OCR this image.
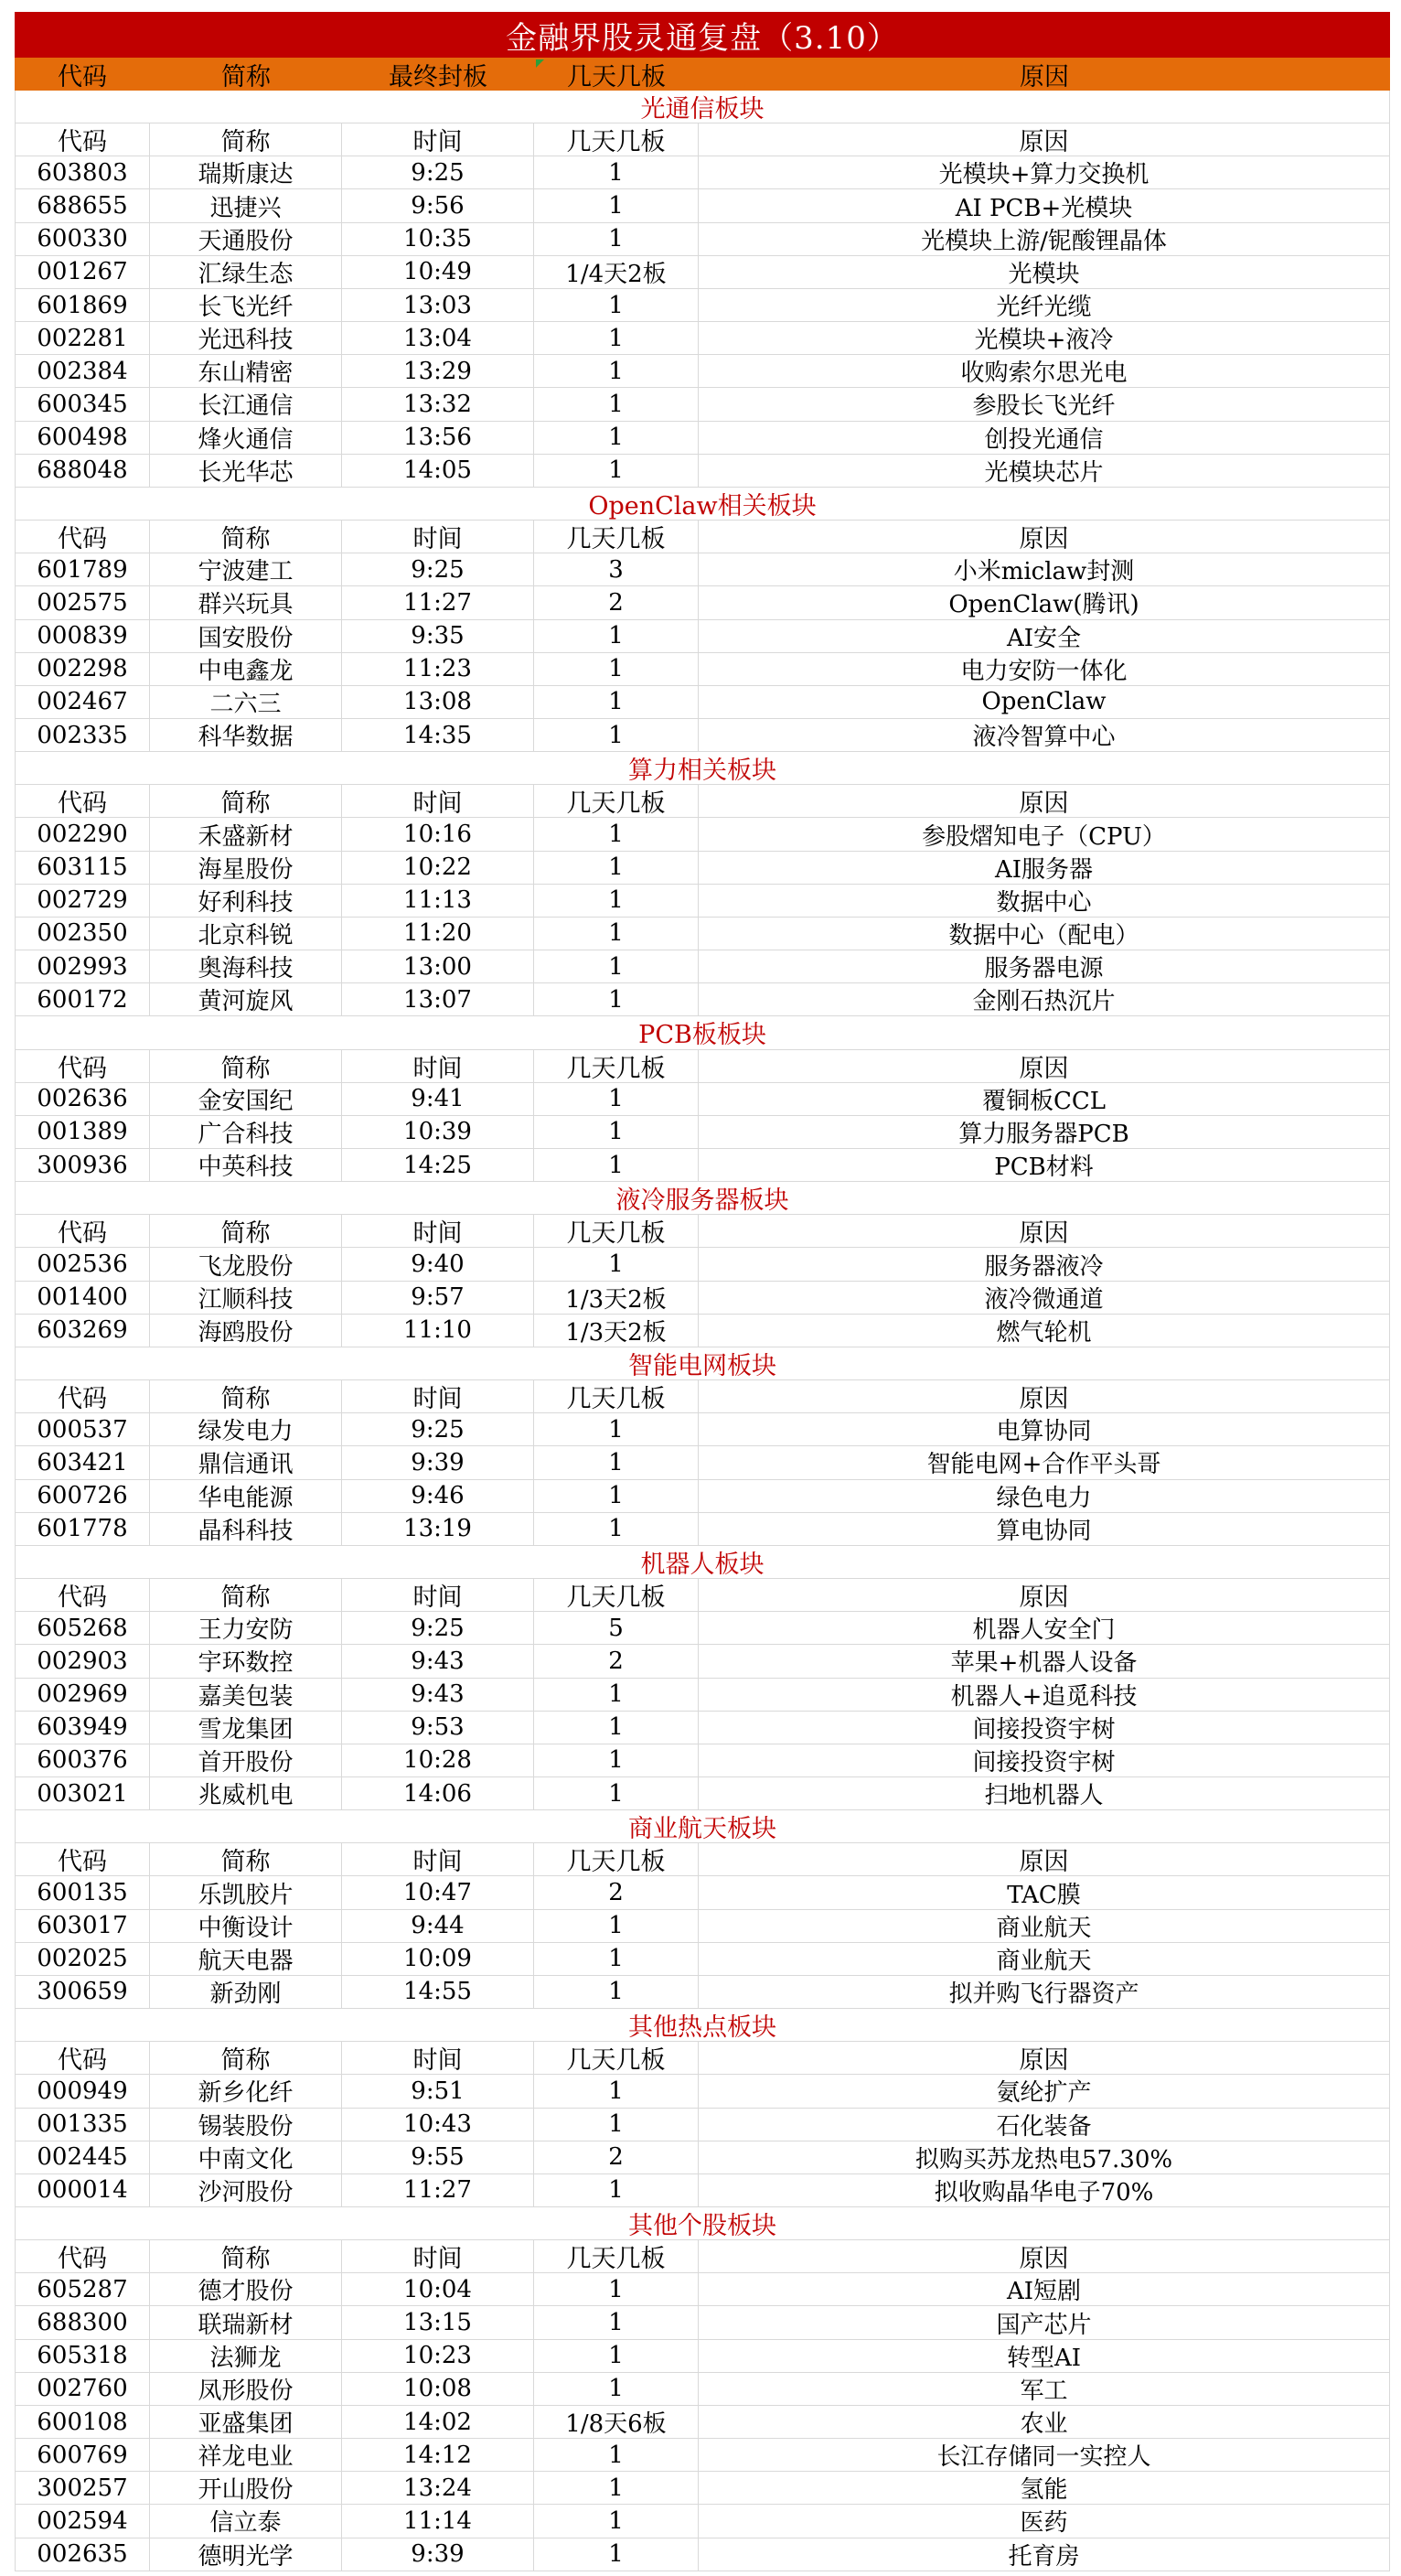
金融界股灵通复盘（3.10）
代码	简称	最终封板	几天几板	原因
光通信板块
代码	简称	时间	几天几板	原因
603803	瑞斯康达	9:25	1	光模块+算力交换机
688655	迅捷兴	9:56	1	AI PCB+光模块
600330	天通股份	10:35	1	光模块上游/铌酸锂晶体
001267	汇绿生态	10:49	1/4天2板	光模块
601869	长飞光纤	13:03	1	光纤光缆
002281	光迅科技	13:04	1	光模块+液冷
002384	东山精密	13:29	1	收购索尔思光电
600345	长江通信	13:32	1	参股长飞光纤
600498	烽火通信	13:56	1	创投光通信
688048	长光华芯	14:05	1	光模块芯片
OpenClaw相关板块
代码	简称	时间	几天几板	原因
601789	宁波建工	9:25	3	小米miclaw封测
002575	群兴玩具	11:27	2	OpenClaw(腾讯)
000839	国安股份	9:35	1	AI安全
002298	中电鑫龙	11:23	1	电力安防一体化
002467	二六三	13:08	1	OpenClaw
002335	科华数据	14:35	1	液冷智算中心
算力相关板块
代码	简称	时间	几天几板	原因
002290	禾盛新材	10:16	1	参股熠知电子（CPU）
603115	海星股份	10:22	1	AI服务器
002729	好利科技	11:13	1	数据中心
002350	北京科锐	11:20	1	数据中心（配电）
002993	奥海科技	13:00	1	服务器电源
600172	黄河旋风	13:07	1	金刚石热沉片
PCB板板块
代码	简称	时间	几天几板	原因
002636	金安国纪	9:41	1	覆铜板CCL
001389	广合科技	10:39	1	算力服务器PCB
300936	中英科技	14:25	1	PCB材料
液冷服务器板块
代码	简称	时间	几天几板	原因
002536	飞龙股份	9:40	1	服务器液冷
001400	江顺科技	9:57	1/3天2板	液冷微通道
603269	海鸥股份	11:10	1/3天2板	燃气轮机
智能电网板块
代码	简称	时间	几天几板	原因
000537	绿发电力	9:25	1	电算协同
603421	鼎信通讯	9:39	1	智能电网+合作平头哥
600726	华电能源	9:46	1	绿色电力
601778	晶科科技	13:19	1	算电协同
机器人板块
代码	简称	时间	几天几板	原因
605268	王力安防	9:25	5	机器人安全门
002903	宇环数控	9:43	2	苹果+机器人设备
002969	嘉美包装	9:43	1	机器人+追觅科技
603949	雪龙集团	9:53	1	间接投资宇树
600376	首开股份	10:28	1	间接投资宇树
003021	兆威机电	14:06	1	扫地机器人
商业航天板块
代码	简称	时间	几天几板	原因
600135	乐凯胶片	10:47	2	TAC膜
603017	中衡设计	9:44	1	商业航天
002025	航天电器	10:09	1	商业航天
300659	新劲刚	14:55	1	拟并购飞行器资产
其他热点板块
代码	简称	时间	几天几板	原因
000949	新乡化纤	9:51	1	氨纶扩产
001335	锡装股份	10:43	1	石化装备
002445	中南文化	9:55	2	拟购买苏龙热电57.30%
000014	沙河股份	11:27	1	拟收购晶华电子70%
其他个股板块
代码	简称	时间	几天几板	原因
605287	德才股份	10:04	1	AI短剧
688300	联瑞新材	13:15	1	国产芯片
605318	法狮龙	10:23	1	转型AI
002760	凤形股份	10:08	1	军工
600108	亚盛集团	14:02	1/8天6板	农业
600769	祥龙电业	14:12	1	长江存储同一实控人
300257	开山股份	13:24	1	氢能
002594	信立泰	11:14	1	医药
002635	德明光学	9:39	1	托育房
